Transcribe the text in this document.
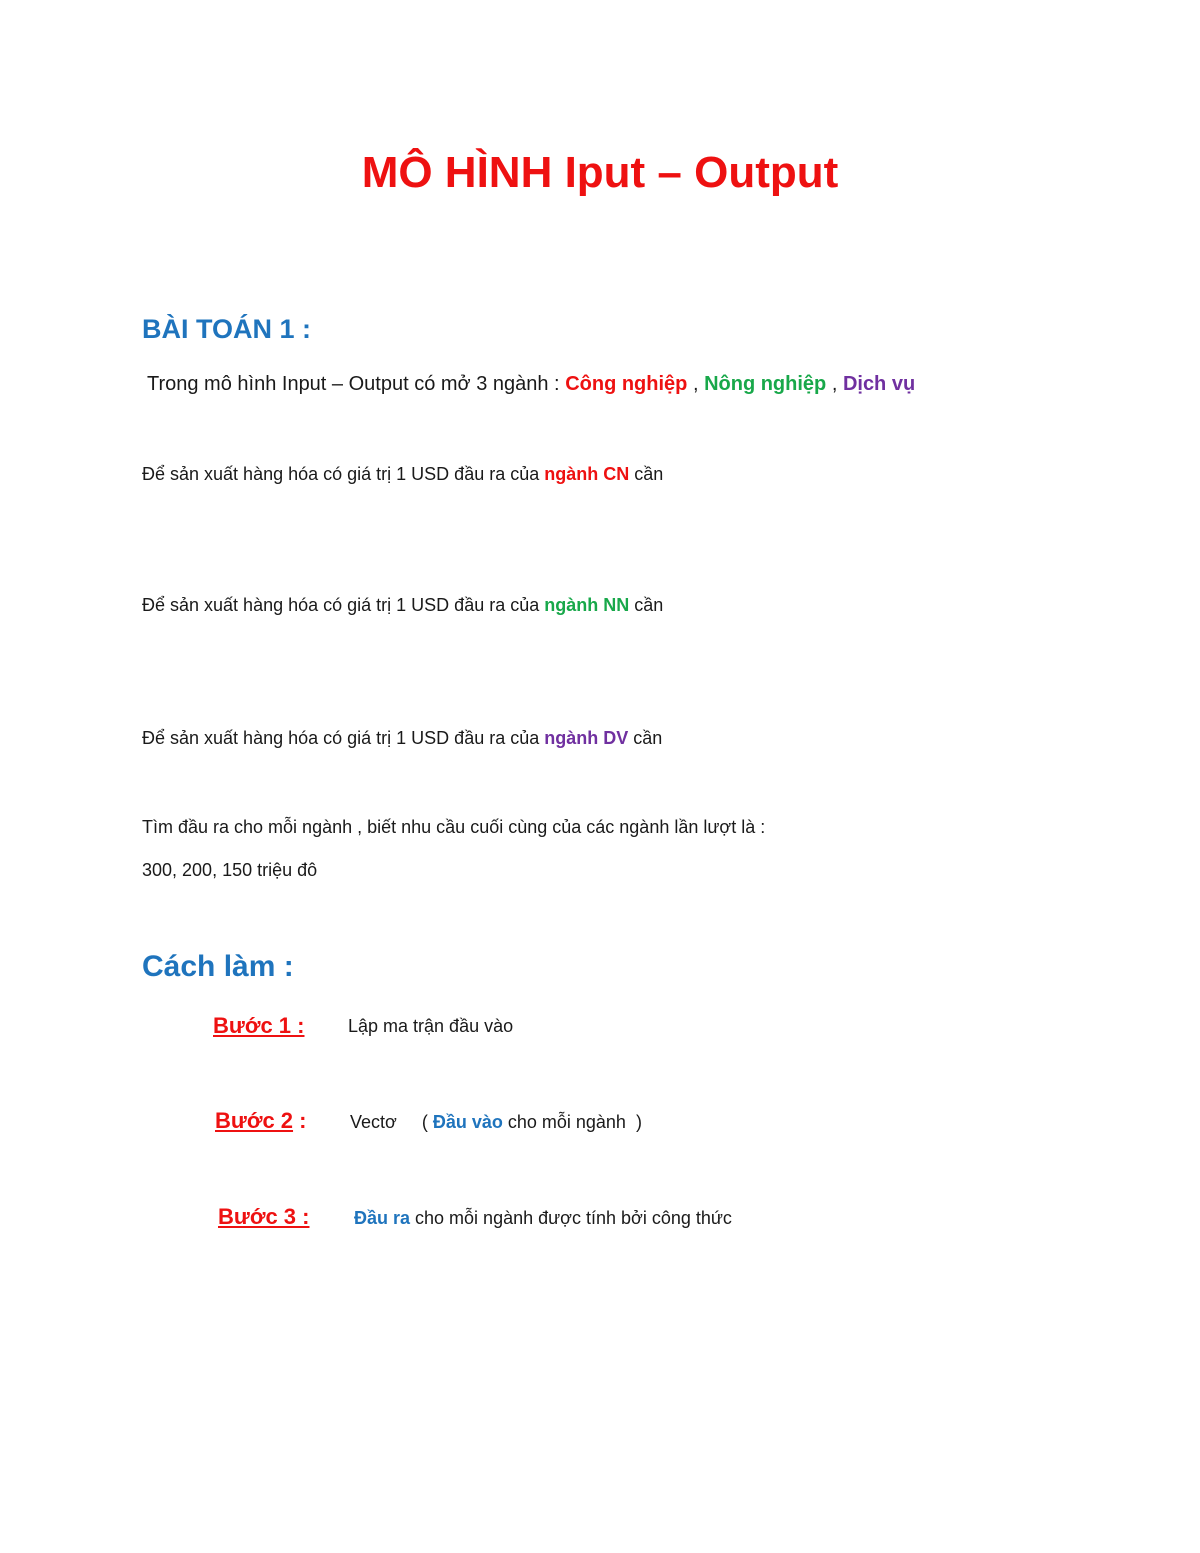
MÔ HÌNH Iput – Output
BÀI TOÁN 1 :
Trong mô hình Input – Output có mở 3 ngành : Công nghiệp , Nông nghiệp , Dịch vụ
Để sản xuất hàng hóa có giá trị 1 USD đầu ra của ngành CN cần
Để sản xuất hàng hóa có giá trị 1 USD đầu ra của ngành NN cần
Để sản xuất hàng hóa có giá trị 1 USD đầu ra của ngành DV cần
Tìm đầu ra cho mỗi ngành , biết nhu cầu cuối cùng của các ngành lần lượt là :
300, 200, 150 triệu đô
Cách làm :
Bước 1 : Lập ma trận đầu vào
Bước 2 : Vectơ     ( Đầu vào cho mỗi ngành  )
Bước 3 : Đầu ra cho mỗi ngành được tính bởi công thức
